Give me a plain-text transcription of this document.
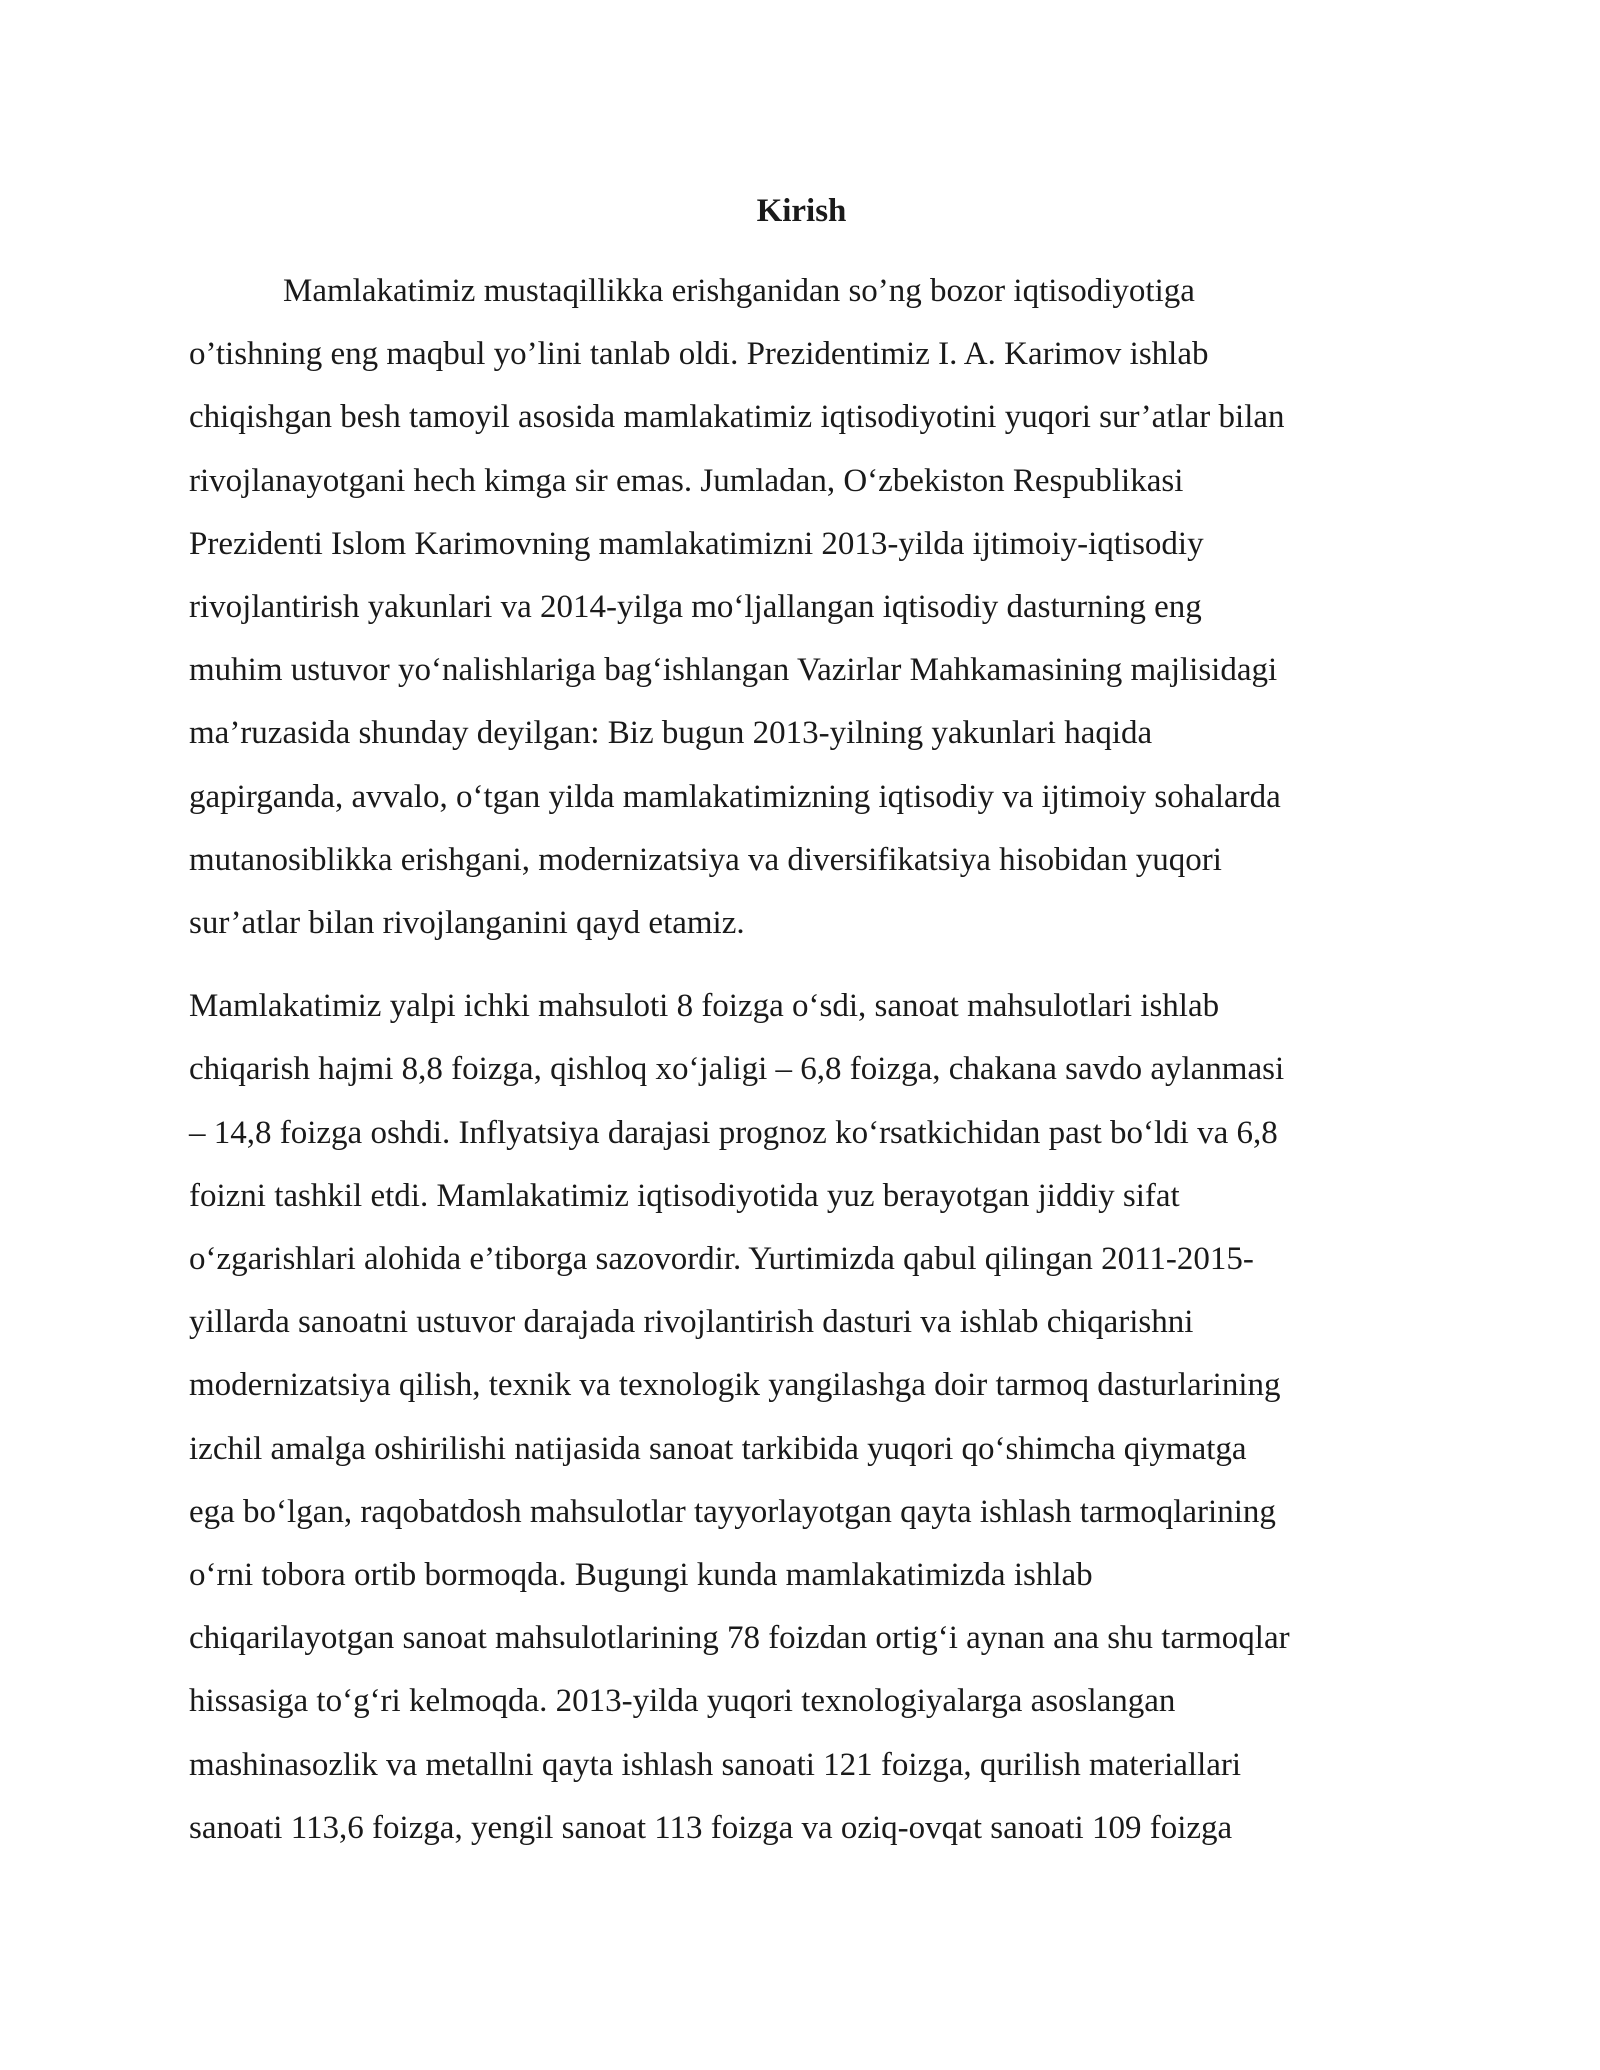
Kirish

Mamlakatimiz mustaqillikka erishganidan so’ng bozor iqtisodiyotiga
o’tishning eng maqbul yo’lini tanlab oldi. Prezidentimiz I. A. Karimov ishlab
chiqishgan besh tamoyil asosida mamlakatimiz iqtisodiyotini yuqori sur’atlar bilan
rivojlanayotgani hech kimga sir emas. Jumladan, O‘zbekiston Respublikasi
Prezidenti Islom Karimovning mamlakatimizni 2013-yilda ijtimoiy-iqtisodiy
rivojlantirish yakunlari va 2014-yilga mo‘ljallangan iqtisodiy dasturning eng
muhim ustuvor yo‘nalishlariga bag‘ishlangan Vazirlar Mahkamasining majlisidagi
ma’ruzasida shunday deyilgan: Biz bugun 2013-yilning yakunlari haqida
gapirganda, avvalo, o‘tgan yilda mamlakatimizning iqtisodiy va ijtimoiy sohalarda
mutanosiblikka erishgani, modernizatsiya va diversifikatsiya hisobidan yuqori
sur’atlar bilan rivojlanganini qayd etamiz.

Mamlakatimiz yalpi ichki mahsuloti 8 foizga o‘sdi, sanoat mahsulotlari ishlab
chiqarish hajmi 8,8 foizga, qishloq xo‘jaligi – 6,8 foizga, chakana savdo aylanmasi
– 14,8 foizga oshdi. Inflyatsiya darajasi prognoz ko‘rsatkichidan past bo‘ldi va 6,8
foizni tashkil etdi. Mamlakatimiz iqtisodiyotida yuz berayotgan jiddiy sifat
o‘zgarishlari alohida e’tiborga sazovordir. Yurtimizda qabul qilingan 2011-2015-
yillarda sanoatni ustuvor darajada rivojlantirish dasturi va ishlab chiqarishni
modernizatsiya qilish, texnik va texnologik yangilashga doir tarmoq dasturlarining
izchil amalga oshirilishi natijasida sanoat tarkibida yuqori qo‘shimcha qiymatga
ega bo‘lgan, raqobatdosh mahsulotlar tayyorlayotgan qayta ishlash tarmoqlarining
o‘rni tobora ortib bormoqda. Bugungi kunda mamlakatimizda ishlab
chiqarilayotgan sanoat mahsulotlarining 78 foizdan ortig‘i aynan ana shu tarmoqlar
hissasiga to‘g‘ri kelmoqda. 2013-yilda yuqori texnologiyalarga asoslangan
mashinasozlik va metallni qayta ishlash sanoati 121 foizga, qurilish materiallari
sanoati 113,6 foizga, yengil sanoat 113 foizga va oziq-ovqat sanoati 109 foizga
